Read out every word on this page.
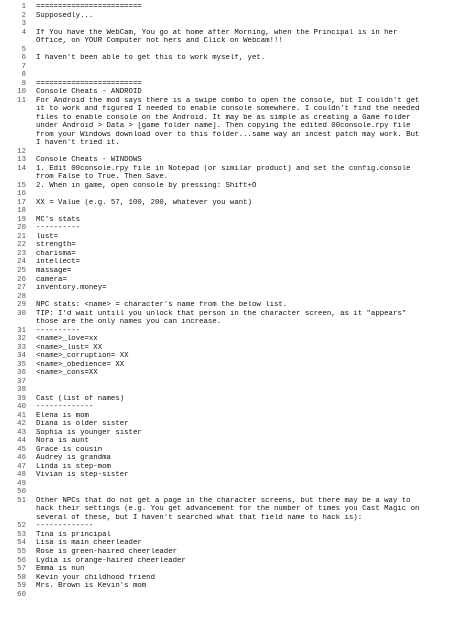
1	========================
2	Supposedly...
3
4	If You have the WebCam, You go at home after Morning, when the Principal is in her
Office, on YOUR Computer not hers and Click on Webcam!!!
5
6	I haven't been able to get this to work myself, yet.
7
8
9	========================
10	Console Cheats - ANDROID
11	For Android the mod says there is a swipe combo to open the console, but I couldn't get
it to work and figured I needed to enable console somewhere. I couldn't find the needed
files to enable console on the Android. It may be as simple as creating a Game folder
under Android > Data > [game folder name]. Then copying the edited 00console.rpy file
from your Windows download over to this folder...same way an incest patch may work. But
I haven't tried it.
12
13	Console Cheats - WINDOWS
14	1. Edit 00console.rpy file in Notepad (or similar product) and set the config.console
from False to True. Then Save.
15	2. When in game, open console by pressing: Shift+O
16
17	XX = Value (e.g. 57, 100, 200, whatever you want)
18
19	MC's stats
20	----------
21	lust=
22	strength=
23	charisma=
24	intellect=
25	massage=
26	camera=
27	inventory.money=
28
29	NPC stats: <name> = character's name from the below list.
30	TIP: I'd wait untill you unlock that person in the character screen, as it "appears"
those are the only names you can increase.
31	----------
32	<name>_love=xx
33	<name>_lust= XX
34	<name>_corruption= XX
35	<name>_obedience= XX
36	<name>_cons=XX
37
38
39	Cast (list of names)
40	-------------
41	Elena is mom
42	Diana is older sister
43	Sophia is younger sister
44	Nora is aunt
45	Grace is cousin
46	Audrey is grandma
47	Linda is step-mom
48	Vivian is step-sister
49
50
51	Other NPCs that do not get a page in the character screens, but there may be a way to
hack their settings (e.g. You get advancement for the number of times you Cast Magic on
several of these, but I haven't searched what that field name to hack is):
52	-------------
53	Tina is principal
54	Lisa is main cheerleader
55	Rose is green-haired cheerleader
56	Lydia is orange-haired cheerleader
57	Emma is nun
58	Kevin your childhood friend
59	Mrs. Brown is Kevin's mom
60
